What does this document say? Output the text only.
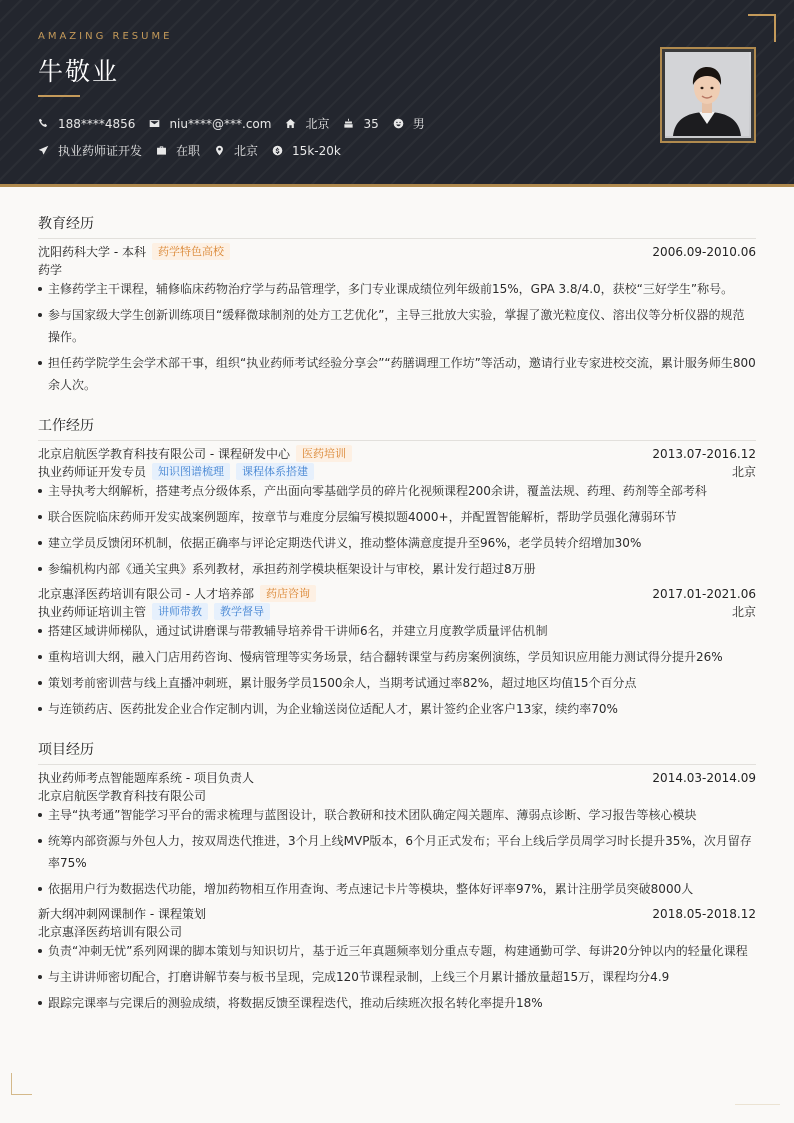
AMAZING RESUME
牛敬业
188****4856	niu****@***.com	北京	35	男
执业药师证开发	在职	北京	15k-20k
教育经历
沈阳药科大学 - 本科	药学特色高校	2006.09-2010.06
药学
主修药学主干课程，辅修临床药物治疗学与药品管理学，多门专业课成绩位列年级前15%，GPA 3.8/4.0，获校“三好学生”称号。
参与国家级大学生创新训练项目“缓释微球制剂的处方工艺优化”，主导三批放大实验，掌握了激光粒度仪、溶出仪等分析仪器的规范操作。
担任药学院学生会学术部干事，组织“执业药师考试经验分享会”“药膳调理工作坊”等活动，邀请行业专家进校交流，累计服务师生800余人次。
工作经历
北京启航医学教育科技有限公司 - 课程研发中心	医药培训	2013.07-2016.12
执业药师证开发专员	知识图谱梳理	课程体系搭建	北京
主导执考大纲解析，搭建考点分级体系，产出面向零基础学员的碎片化视频课程200余讲，覆盖法规、药理、药剂等全部考科
联合医院临床药师开发实战案例题库，按章节与难度分层编写模拟题4000+，并配置智能解析，帮助学员强化薄弱环节
建立学员反馈闭环机制，依据正确率与评论定期迭代讲义，推动整体满意度提升至96%，老学员转介绍增加30%
参编机构内部《通关宝典》系列教材，承担药剂学模块框架设计与审校，累计发行超过8万册
北京惠泽医药培训有限公司 - 人才培养部	药店咨询	2017.01-2021.06
执业药师证培训主管	讲师带教	教学督导	北京
搭建区域讲师梯队，通过试讲磨课与带教辅导培养骨干讲师6名，并建立月度教学质量评估机制
重构培训大纲，融入门店用药咨询、慢病管理等实务场景，结合翻转课堂与药房案例演练，学员知识应用能力测试得分提升26%
策划考前密训营与线上直播冲刺班，累计服务学员1500余人，当期考试通过率82%，超过地区均值15个百分点
与连锁药店、医药批发企业合作定制内训，为企业输送岗位适配人才，累计签约企业客户13家，续约率70%
项目经历
执业药师考点智能题库系统 - 项目负责人	2014.03-2014.09
北京启航医学教育科技有限公司
主导“执考通”智能学习平台的需求梳理与蓝图设计，联合教研和技术团队确定闯关题库、薄弱点诊断、学习报告等核心模块
统筹内部资源与外包人力，按双周迭代推进，3个月上线MVP版本，6个月正式发布；平台上线后学员周学习时长提升35%，次月留存率75%
依据用户行为数据迭代功能，增加药物相互作用查询、考点速记卡片等模块，整体好评率97%，累计注册学员突破8000人
新大纲冲刺网课制作 - 课程策划	2018.05-2018.12
北京惠泽医药培训有限公司
负责“冲刺无忧”系列网课的脚本策划与知识切片，基于近三年真题频率划分重点专题，构建通勤可学、每讲20分钟以内的轻量化课程
与主讲讲师密切配合，打磨讲解节奏与板书呈现，完成120节课程录制，上线三个月累计播放量超15万，课程均分4.9
跟踪完课率与完课后的测验成绩，将数据反馈至课程迭代，推动后续班次报名转化率提升18%
